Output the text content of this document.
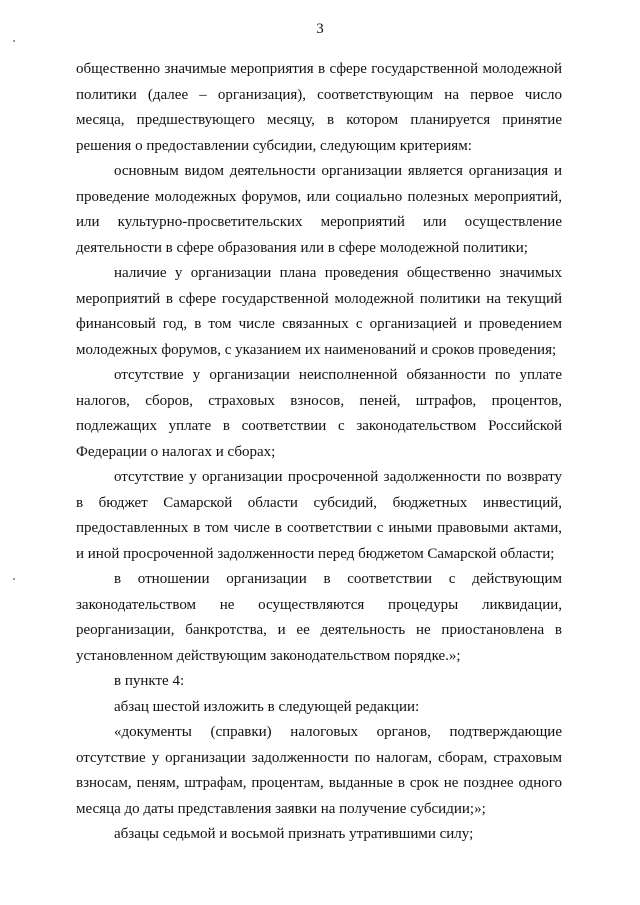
3
общественно значимые мероприятия в сфере государственной молодежной
политики (далее – организация), соответствующим на первое число
месяца, предшествующего месяцу, в котором планируется принятие
решения о предоставлении субсидии, следующим критериям:
основным видом деятельности организации является организация и
проведение молодежных форумов, или социально полезных мероприятий,
или культурно-просветительских мероприятий или осуществление
деятельности в сфере образования или в сфере молодежной политики;
наличие у организации плана проведения общественно значимых
мероприятий в сфере государственной молодежной политики на текущий
финансовый год, в том числе связанных с организацией и проведением
молодежных форумов, с указанием их наименований и сроков проведения;
отсутствие у организации неисполненной обязанности по уплате
налогов, сборов, страховых взносов, пеней, штрафов, процентов,
подлежащих уплате в соответствии с законодательством Российской
Федерации о налогах и сборах;
отсутствие у организации просроченной задолженности по возврату
в бюджет Самарской области субсидий, бюджетных инвестиций,
предоставленных в том числе в соответствии с иными правовыми актами,
и иной просроченной задолженности перед бюджетом Самарской области;
в отношении организации в соответствии с действующим
законодательством не осуществляются процедуры ликвидации,
реорганизации, банкротства, и ее деятельность не приостановлена в
установленном действующим законодательством порядке.»;
в пункте 4:
абзац шестой изложить в следующей редакции:
«документы (справки) налоговых органов, подтверждающие
отсутствие у организации задолженности по налогам, сборам, страховым
взносам, пеням, штрафам, процентам, выданные в срок не позднее одного
месяца до даты представления заявки на получение субсидии;»;
абзацы седьмой и восьмой признать утратившими силу;
